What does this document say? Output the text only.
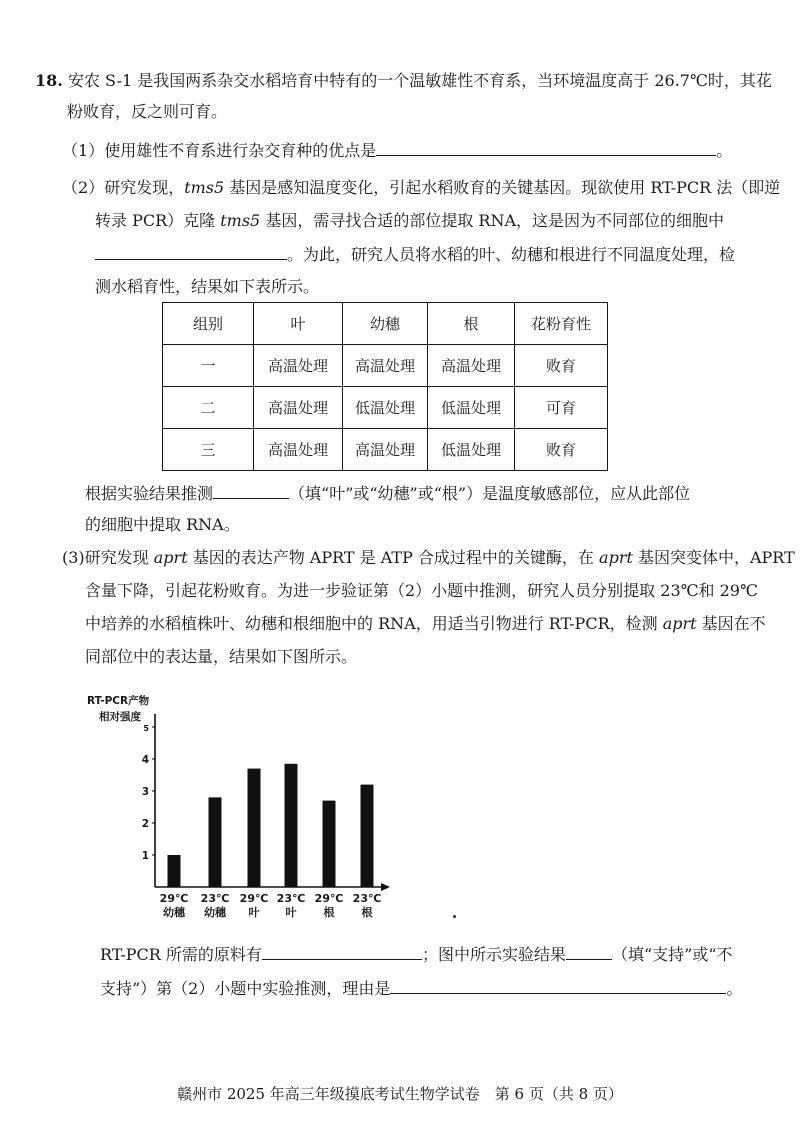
18. 安农 S-1 是我国两系杂交水稻培育中特有的一个温敏雄性不育系，当环境温度高于 26.7℃时，其花
粉败育，反之则可育。
（1）使用雄性不育系进行杂交育种的优点是	。
（2）研究发现，tms5 基因是感知温度变化，引起水稻败育的关键基因。现欲使用 RT-PCR 法（即逆
转录 PCR）克隆 tms5 基因，需寻找合适的部位提取 RNA，这是因为不同部位的细胞中
。为此，研究人员将水稻的叶、幼穗和根进行不同温度处理，检
测水稻育性，结果如下表所示。
组别	叶	幼穗	根	花粉育性
一	高温处理	高温处理	高温处理	败育
二	高温处理	低温处理	低温处理	可育
三	高温处理	高温处理	低温处理	败育
根据实验结果推测	（填“叶”或“幼穗”或“根”）是温度敏感部位，应从此部位
的细胞中提取 RNA。
(3)研究发现 aprt 基因的表达产物 APRT 是 ATP 合成过程中的关键酶，在 aprt 基因突变体中，APRT
含量下降，引起花粉败育。为进一步验证第（2）小题中推测，研究人员分别提取 23℃和 29℃
中培养的水稻植株叶、幼穗和根细胞中的 RNA，用适当引物进行 RT-PCR，检测 aprt 基因在不
同部位中的表达量，结果如下图所示。
RT-PCR产物
相对强度
1
2
3
4
5
29℃
幼穗
23℃
幼穗
29℃
叶
23℃
叶
29℃
根
23℃
根
RT-PCR 所需的原料有	；图中所示实验结果	（填“支持”或“不
支持”）第（2）小题中实验推测，理由是	。
赣州市 2025 年高三年级摸底考试生物学试卷　第 6 页（共 8 页）
